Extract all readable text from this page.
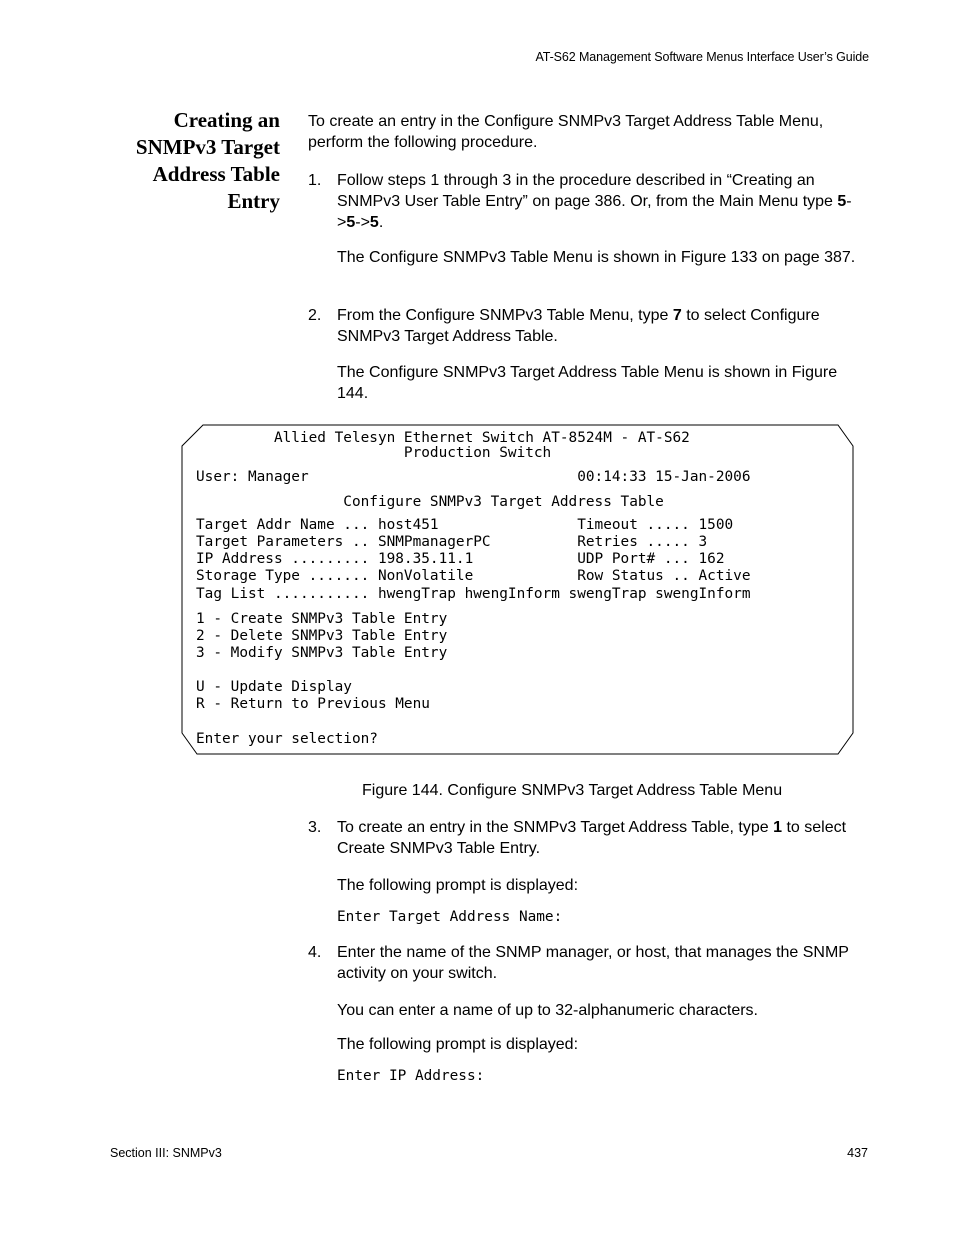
AT-S62 Management Software Menus Interface User’s Guide
Creating an
SNMPv3 Target
Address Table
Entry
To create an entry in the Configure SNMPv3 Target Address Table Menu, perform the following procedure.
1. Follow steps 1 through 3 in the procedure described in “Creating an SNMPv3 User Table Entry” on page 386. Or, from the Main Menu type 5->5->5.
The Configure SNMPv3 Table Menu is shown in Figure 133 on page 387.
2. From the Configure SNMPv3 Table Menu, type 7 to select Configure SNMPv3 Target Address Table.
The Configure SNMPv3 Target Address Table Menu is shown in Figure 144.
Allied Telesyn Ethernet Switch AT-8524M - AT-S62
Production Switch
User: Manager                               00:14:33 15-Jan-2006
Configure SNMPv3 Target Address Table
Target Addr Name ... host451                Timeout ..... 1500
Target Parameters .. SNMPmanagerPC          Retries ..... 3
IP Address ......... 198.35.11.1            UDP Port# ... 162
Storage Type ....... NonVolatile            Row Status .. Active
Tag List ........... hwengTrap hwengInform swengTrap swengInform
1 - Create SNMPv3 Table Entry
2 - Delete SNMPv3 Table Entry
3 - Modify SNMPv3 Table Entry
U - Update Display
R - Return to Previous Menu
Enter your selection?
Figure 144. Configure SNMPv3 Target Address Table Menu
3. To create an entry in the SNMPv3 Target Address Table, type 1 to select Create SNMPv3 Table Entry.
The following prompt is displayed:
Enter Target Address Name:
4. Enter the name of the SNMP manager, or host, that manages the SNMP activity on your switch.
You can enter a name of up to 32-alphanumeric characters.
The following prompt is displayed:
Enter IP Address:
Section III: SNMPv3	437
